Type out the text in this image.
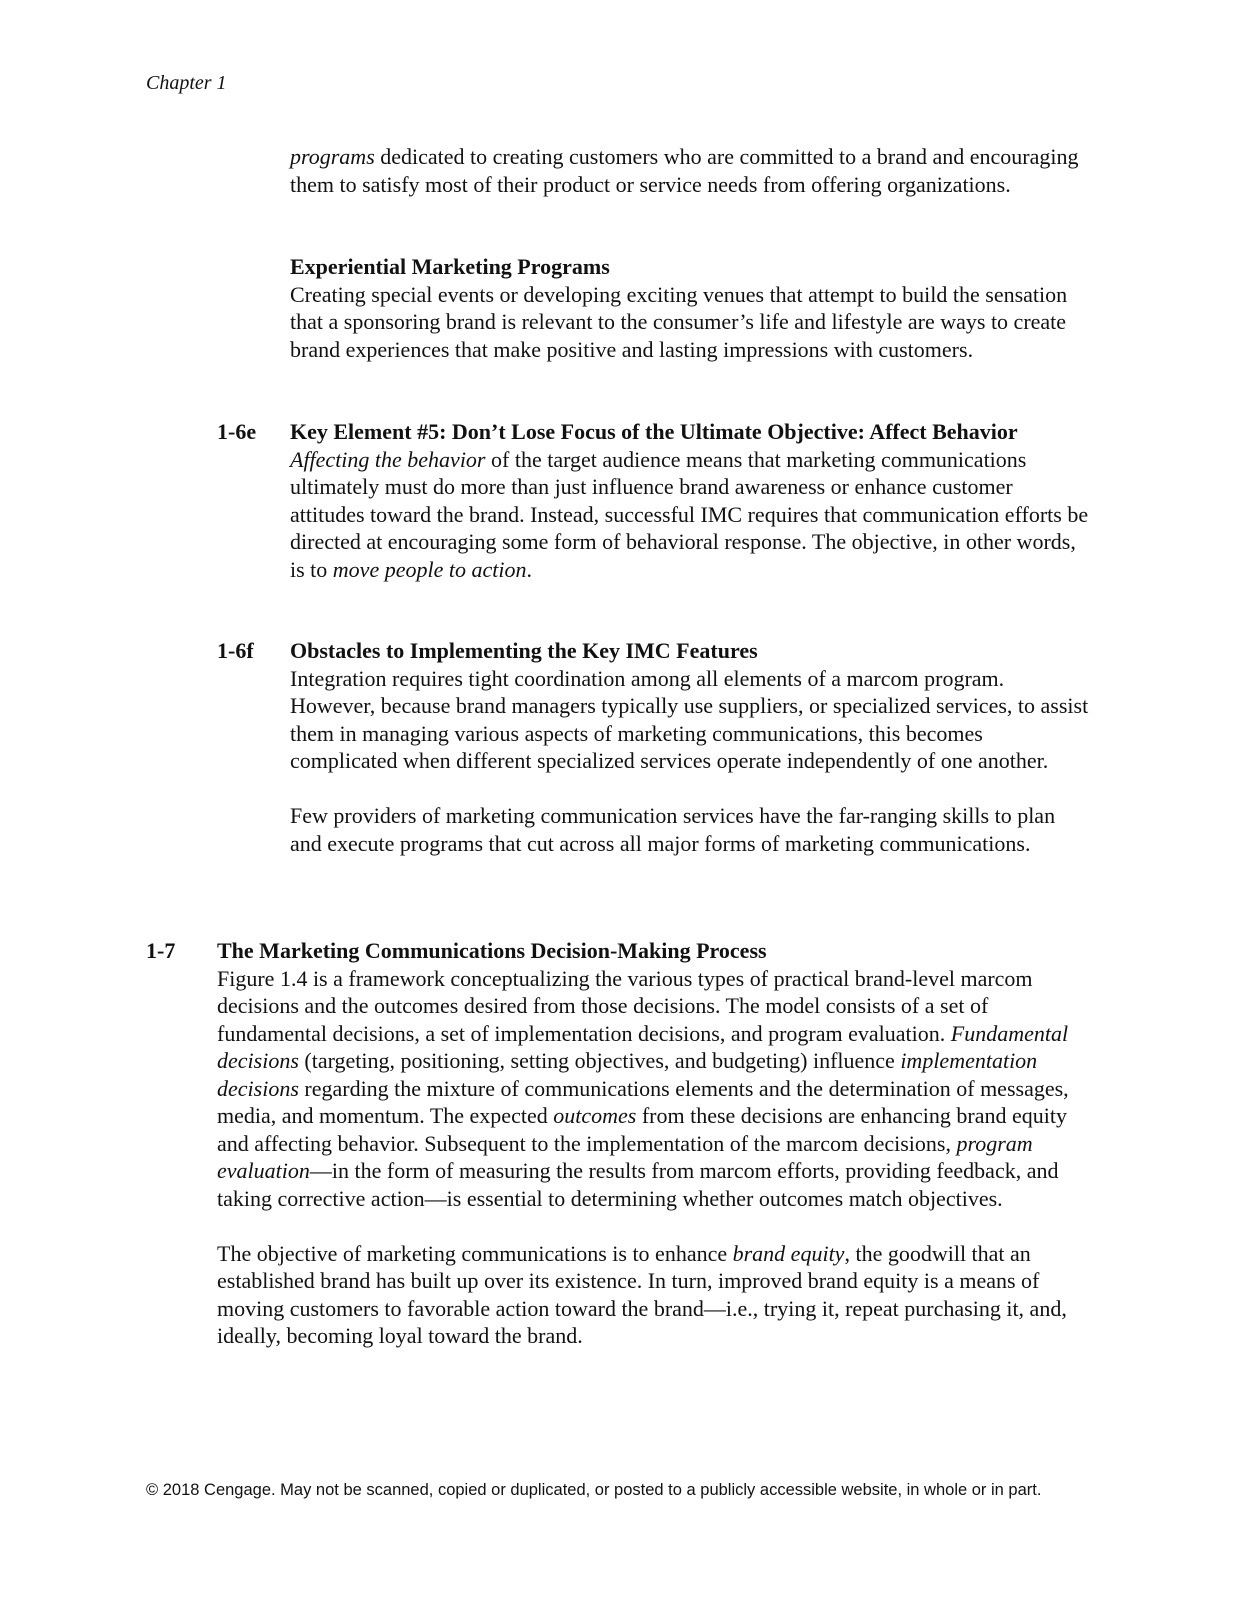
Chapter 1

programs dedicated to creating customers who are committed to a brand and encouraging them to satisfy most of their product or service needs from offering organizations.

Experiential Marketing Programs

Creating special events or developing exciting venues that attempt to build the sensation that a sponsoring brand is relevant to the consumer’s life and lifestyle are ways to create brand experiences that make positive and lasting impressions with customers.

1-6e Key Element #5: Don’t Lose Focus of the Ultimate Objective: Affect Behavior

Affecting the behavior of the target audience means that marketing communications ultimately must do more than just influence brand awareness or enhance customer attitudes toward the brand. Instead, successful IMC requires that communication efforts be directed at encouraging some form of behavioral response. The objective, in other words, is to move people to action.

1-6f Obstacles to Implementing the Key IMC Features

Integration requires tight coordination among all elements of a marcom program. However, because brand managers typically use suppliers, or specialized services, to assist them in managing various aspects of marketing communications, this becomes complicated when different specialized services operate independently of one another.

Few providers of marketing communication services have the far-ranging skills to plan and execute programs that cut across all major forms of marketing communications.

1-7 The Marketing Communications Decision-Making Process

Figure 1.4 is a framework conceptualizing the various types of practical brand-level marcom decisions and the outcomes desired from those decisions. The model consists of a set of fundamental decisions, a set of implementation decisions, and program evaluation. Fundamental decisions (targeting, positioning, setting objectives, and budgeting) influence implementation decisions regarding the mixture of communications elements and the determination of messages, media, and momentum. The expected outcomes from these decisions are enhancing brand equity and affecting behavior. Subsequent to the implementation of the marcom decisions, program evaluation—in the form of measuring the results from marcom efforts, providing feedback, and taking corrective action—is essential to determining whether outcomes match objectives.

The objective of marketing communications is to enhance brand equity, the goodwill that an established brand has built up over its existence. In turn, improved brand equity is a means of moving customers to favorable action toward the brand—i.e., trying it, repeat purchasing it, and, ideally, becoming loyal toward the brand.

© 2018 Cengage. May not be scanned, copied or duplicated, or posted to a publicly accessible website, in whole or in part.
